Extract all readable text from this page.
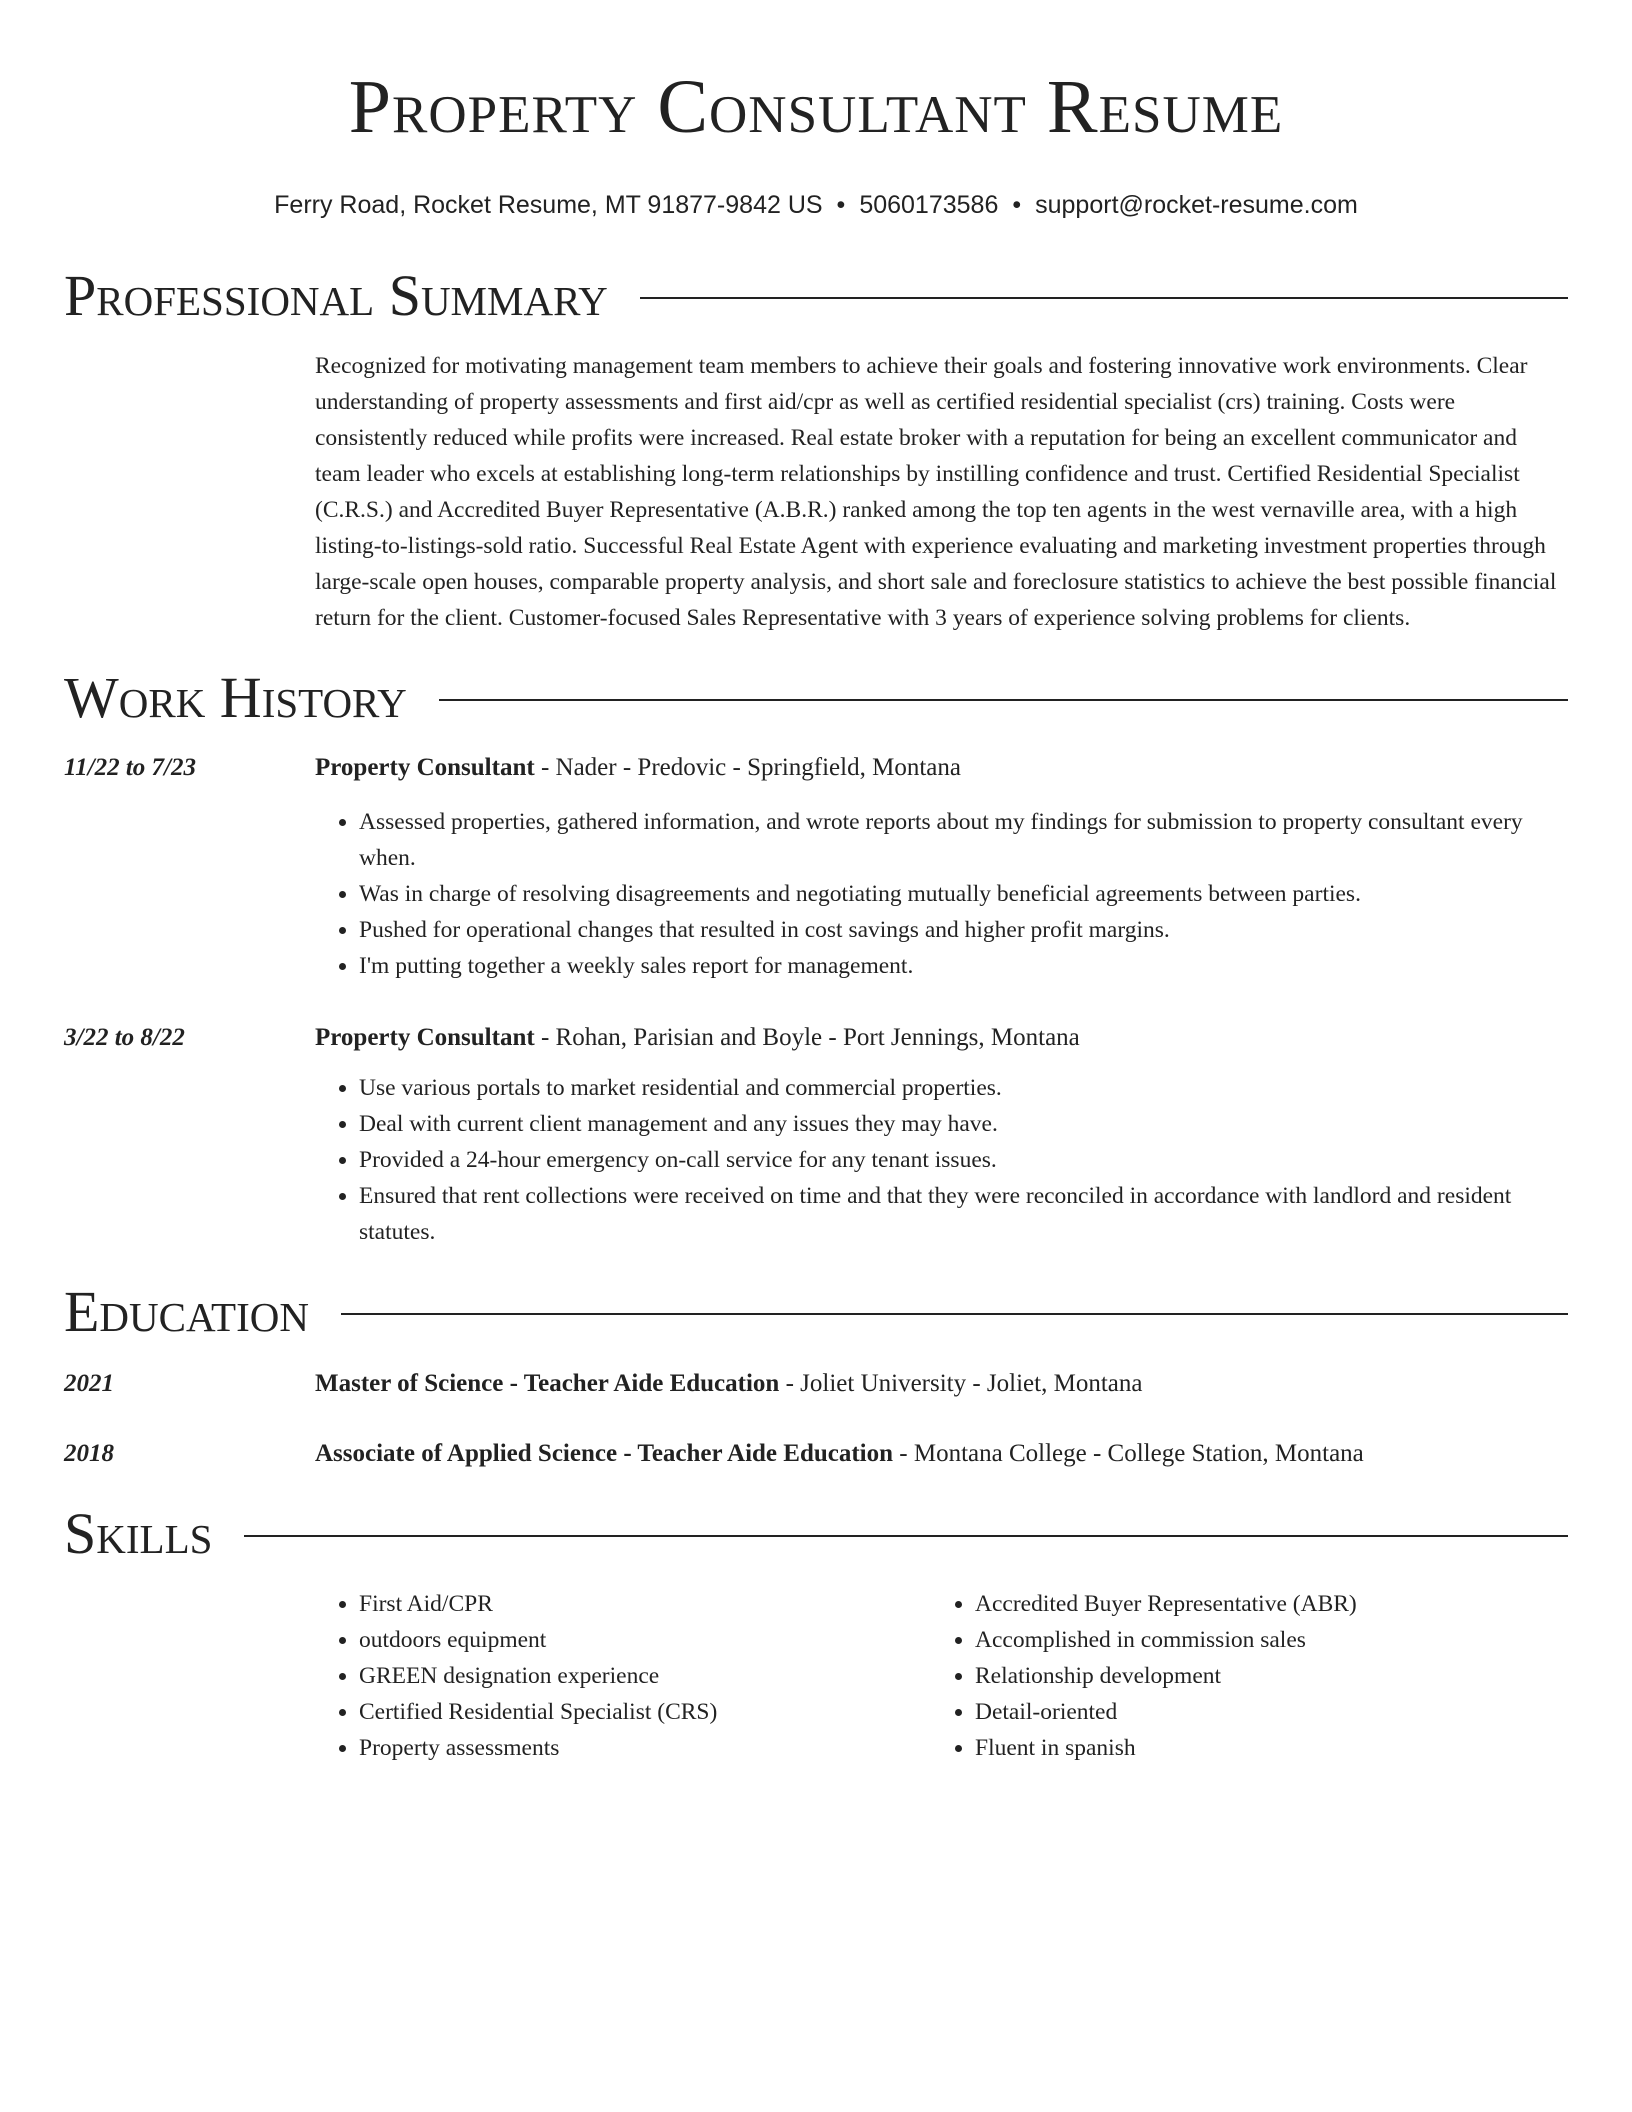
Property Consultant Resume
Ferry Road, Rocket Resume, MT 91877-9842 US • 5060173586 • support@rocket-resume.com
Professional Summary
Recognized for motivating management team members to achieve their goals and fostering innovative work environments. Clear understanding of property assessments and first aid/cpr as well as certified residential specialist (crs) training. Costs were consistently reduced while profits were increased. Real estate broker with a reputation for being an excellent communicator and team leader who excels at establishing long-term relationships by instilling confidence and trust. Certified Residential Specialist (C.R.S.) and Accredited Buyer Representative (A.B.R.) ranked among the top ten agents in the west vernaville area, with a high listing-to-listings-sold ratio. Successful Real Estate Agent with experience evaluating and marketing investment properties through large-scale open houses, comparable property analysis, and short sale and foreclosure statistics to achieve the best possible financial return for the client. Customer-focused Sales Representative with 3 years of experience solving problems for clients.
Work History
11/22 to 7/23	Property Consultant - Nader - Predovic - Springfield, Montana
• Assessed properties, gathered information, and wrote reports about my findings for submission to property consultant every when.
• Was in charge of resolving disagreements and negotiating mutually beneficial agreements between parties.
• Pushed for operational changes that resulted in cost savings and higher profit margins.
• I'm putting together a weekly sales report for management.
3/22 to 8/22	Property Consultant - Rohan, Parisian and Boyle - Port Jennings, Montana
• Use various portals to market residential and commercial properties.
• Deal with current client management and any issues they may have.
• Provided a 24-hour emergency on-call service for any tenant issues.
• Ensured that rent collections were received on time and that they were reconciled in accordance with landlord and resident statutes.
Education
2021	Master of Science - Teacher Aide Education - Joliet University - Joliet, Montana
2018	Associate of Applied Science - Teacher Aide Education - Montana College - College Station, Montana
Skills
• First Aid/CPR
• outdoors equipment
• GREEN designation experience
• Certified Residential Specialist (CRS)
• Property assessments
• Accredited Buyer Representative (ABR)
• Accomplished in commission sales
• Relationship development
• Detail-oriented
• Fluent in spanish
